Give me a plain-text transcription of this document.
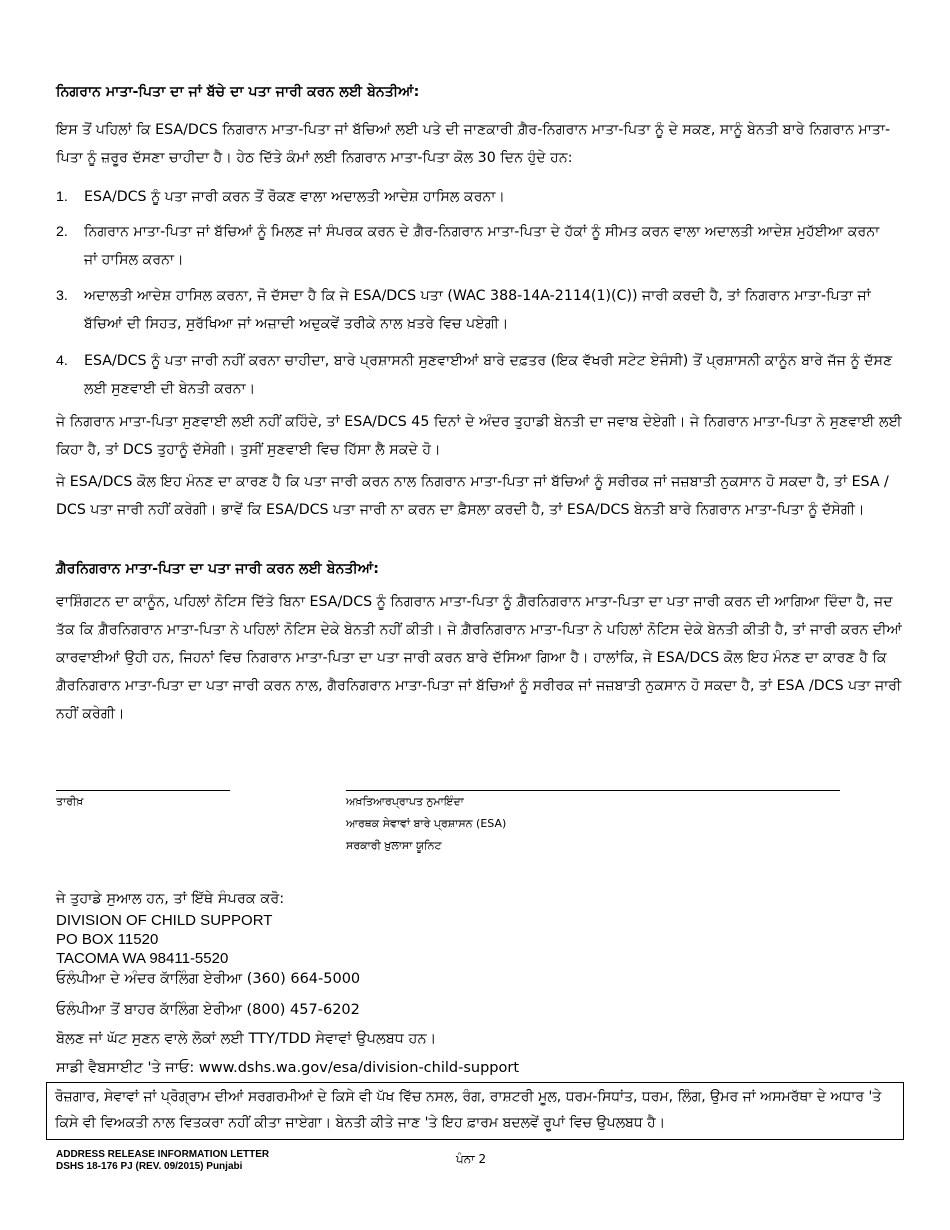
ਨਿਗਰਾਨ ਮਾਤਾ-ਪਿਤਾ ਦਾ ਜਾਂ ਬੱਚੇ ਦਾ ਪਤਾ ਜਾਰੀ ਕਰਨ ਲਈ ਬੇਨਤੀਆਂ:
ਇਸ ਤੋਂ ਪਹਿਲਾਂ ਕਿ ESA/DCS ਨਿਗਰਾਨ ਮਾਤਾ-ਪਿਤਾ ਜਾਂ ਬੱਚਿਆਂ ਲਈ ਪਤੇ ਦੀ ਜਾਣਕਾਰੀ ਗ਼ੈਰ-ਨਿਗਰਾਨ ਮਾਤਾ-ਪਿਤਾ ਨੂੰ ਦੇ ਸਕਣ, ਸਾਨੂੰ ਬੇਨਤੀ ਬਾਰੇ ਨਿਗਰਾਨ ਮਾਤਾ-ਪਿਤਾ ਨੂੰ ਜ਼ਰੂਰ ਦੱਸਣਾ ਚਾਹੀਦਾ ਹੈ। ਹੇਠ ਦਿੱਤੇ ਕੰਮਾਂ ਲਈ ਨਿਗਰਾਨ ਮਾਤਾ-ਪਿਤਾ ਕੋਲ 30 ਦਿਨ ਹੁੰਦੇ ਹਨ:
1. ESA/DCS ਨੂੰ ਪਤਾ ਜਾਰੀ ਕਰਨ ਤੋਂ ਰੋਕਣ ਵਾਲਾ ਅਦਾਲਤੀ ਆਦੇਸ਼ ਹਾਸਿਲ ਕਰਨਾ।
2. ਨਿਗਰਾਨ ਮਾਤਾ-ਪਿਤਾ ਜਾਂ ਬੱਚਿਆਂ ਨੂੰ ਮਿਲਣ ਜਾਂ ਸੰਪਰਕ ਕਰਨ ਦੇ ਗ਼ੈਰ-ਨਿਗਰਾਨ ਮਾਤਾ-ਪਿਤਾ ਦੇ ਹੱਕਾਂ ਨੂੰ ਸੀਮਤ ਕਰਨ ਵਾਲਾ ਅਦਾਲਤੀ ਆਦੇਸ਼ ਮੁਹੱਈਆ ਕਰਨਾ ਜਾਂ ਹਾਸਿਲ ਕਰਨਾ।
3. ਅਦਾਲਤੀ ਆਦੇਸ਼ ਹਾਸਿਲ ਕਰਨਾ, ਜੋ ਦੱਸਦਾ ਹੈ ਕਿ ਜੇ ESA/DCS ਪਤਾ (WAC 388-14A-2114(1)(C)) ਜਾਰੀ ਕਰਦੀ ਹੈ, ਤਾਂ ਨਿਗਰਾਨ ਮਾਤਾ-ਪਿਤਾ ਜਾਂ ਬੱਚਿਆਂ ਦੀ ਸਿਹਤ, ਸੁਰੱਖਿਆ ਜਾਂ ਅਜ਼ਾਦੀ ਅਦੁਕਵੇਂ ਤਰੀਕੇ ਨਾਲ ਖ਼ਤਰੇ ਵਿਚ ਪਏਗੀ।
4. ESA/DCS ਨੂੰ ਪਤਾ ਜਾਰੀ ਨਹੀਂ ਕਰਨਾ ਚਾਹੀਦਾ, ਬਾਰੇ ਪ੍ਰਸ਼ਾਸਨੀ ਸੁਣਵਾਈਆਂ ਬਾਰੇ ਦਫ਼ਤਰ (ਇਕ ਵੱਖਰੀ ਸਟੇਟ ਏਜੰਸੀ) ਤੋਂ ਪ੍ਰਸ਼ਾਸਨੀ ਕਾਨੂੰਨ ਬਾਰੇ ਜੱਜ ਨੂੰ ਦੱਸਣ ਲਈ ਸੁਣਵਾਈ ਦੀ ਬੇਨਤੀ ਕਰਨਾ।
ਜੇ ਨਿਗਰਾਨ ਮਾਤਾ-ਪਿਤਾ ਸੁਣਵਾਈ ਲਈ ਨਹੀਂ ਕਹਿੰਦੇ, ਤਾਂ ESA/DCS 45 ਦਿਨਾਂ ਦੇ ਅੰਦਰ ਤੁਹਾਡੀ ਬੇਨਤੀ ਦਾ ਜਵਾਬ ਦੇਏਗੀ। ਜੇ ਨਿਗਰਾਨ ਮਾਤਾ-ਪਿਤਾ ਨੇ ਸੁਣਵਾਈ ਲਈ ਕਿਹਾ ਹੈ, ਤਾਂ DCS ਤੁਹਾਨੂੰ ਦੱਸੇਗੀ। ਤੁਸੀਂ ਸੁਣਵਾਈ ਵਿਚ ਹਿੱਸਾ ਲੈ ਸਕਦੇ ਹੋ।
ਜੇ ESA/DCS ਕੋਲ ਇਹ ਮੰਨਣ ਦਾ ਕਾਰਣ ਹੈ ਕਿ ਪਤਾ ਜਾਰੀ ਕਰਨ ਨਾਲ ਨਿਗਰਾਨ ਮਾਤਾ-ਪਿਤਾ ਜਾਂ ਬੱਚਿਆਂ ਨੂੰ ਸਰੀਰਕ ਜਾਂ ਜਜ਼ਬਾਤੀ ਨੁਕਸਾਨ ਹੋ ਸਕਦਾ ਹੈ, ਤਾਂ ESA / DCS ਪਤਾ ਜਾਰੀ ਨਹੀਂ ਕਰੇਗੀ। ਭਾਵੇਂ ਕਿ ESA/DCS ਪਤਾ ਜਾਰੀ ਨਾ ਕਰਨ ਦਾ ਫ਼ੈਸਲਾ ਕਰਦੀ ਹੈ, ਤਾਂ ESA/DCS ਬੇਨਤੀ ਬਾਰੇ ਨਿਗਰਾਨ ਮਾਤਾ-ਪਿਤਾ ਨੂੰ ਦੱਸੇਗੀ।
ਗ਼ੈਰਨਿਗਰਾਨ ਮਾਤਾ-ਪਿਤਾ ਦਾ ਪਤਾ ਜਾਰੀ ਕਰਨ ਲਈ ਬੇਨਤੀਆਂ:
ਵਾਸ਼ਿੰਗਟਨ ਦਾ ਕਾਨੂੰਨ, ਪਹਿਲਾਂ ਨੋਟਿਸ ਦਿੱਤੇ ਬਿਨਾ ESA/DCS ਨੂੰ ਨਿਗਰਾਨ ਮਾਤਾ-ਪਿਤਾ ਨੂੰ ਗ਼ੈਰਨਿਗਰਾਨ ਮਾਤਾ-ਪਿਤਾ ਦਾ ਪਤਾ ਜਾਰੀ ਕਰਨ ਦੀ ਆਗਿਆ ਦਿੰਦਾ ਹੈ, ਜਦ ਤੱਕ ਕਿ ਗ਼ੈਰਨਿਗਰਾਨ ਮਾਤਾ-ਪਿਤਾ ਨੇ ਪਹਿਲਾਂ ਨੋਟਿਸ ਦੇਕੇ ਬੇਨਤੀ ਨਹੀਂ ਕੀਤੀ। ਜੇ ਗ਼ੈਰਨਿਗਰਾਨ ਮਾਤਾ-ਪਿਤਾ ਨੇ ਪਹਿਲਾਂ ਨੋਟਿਸ ਦੇਕੇ ਬੇਨਤੀ ਕੀਤੀ ਹੈ, ਤਾਂ ਜਾਰੀ ਕਰਨ ਦੀਆਂ ਕਾਰਵਾਈਆਂ ਉਹੀ ਹਨ, ਜਿਹਨਾਂ ਵਿਚ ਨਿਗਰਾਨ ਮਾਤਾ-ਪਿਤਾ ਦਾ ਪਤਾ ਜਾਰੀ ਕਰਨ ਬਾਰੇ ਦੱਸਿਆ ਗਿਆ ਹੈ। ਹਾਲਾਂਕਿ, ਜੇ ESA/DCS ਕੋਲ ਇਹ ਮੰਨਣ ਦਾ ਕਾਰਣ ਹੈ ਕਿ ਗ਼ੈਰਨਿਗਰਾਨ ਮਾਤਾ-ਪਿਤਾ ਦਾ ਪਤਾ ਜਾਰੀ ਕਰਨ ਨਾਲ, ਗੈਰਨਿਗਰਾਨ ਮਾਤਾ-ਪਿਤਾ ਜਾਂ ਬੱਚਿਆਂ ਨੂੰ ਸਰੀਰਕ ਜਾਂ ਜਜ਼ਬਾਤੀ ਨੁਕਸਾਨ ਹੋ ਸਕਦਾ ਹੈ, ਤਾਂ ESA /DCS ਪਤਾ ਜਾਰੀ ਨਹੀਂ ਕਰੇਗੀ।
ਤਾਰੀਖ਼	ਅਖ਼ਤਿਆਰਪ੍ਰਾਪਤ ਨੁਮਾਇੰਦਾ
ਆਰਥਕ ਸੇਵਾਵਾਂ ਬਾਰੇ ਪ੍ਰਸ਼ਾਸਨ (ESA)
ਸਰਕਾਰੀ ਖ਼ੁਲਾਸਾ ਯੂਨਿਟ
ਜੇ ਤੁਹਾਡੇ ਸੁਆਲ ਹਨ, ਤਾਂ ਇੱਥੇ ਸੰਪਰਕ ਕਰੋ:
DIVISION OF CHILD SUPPORT
PO BOX 11520
TACOMA WA 98411-5520
ਓਲੰਪੀਆ ਦੇ ਅੰਦਰ ਕਾੱਲਿੰਗ ਏਰੀਆ (360) 664-5000
ਓਲੰਪੀਆ ਤੋਂ ਬਾਹਰ ਕਾੱਲਿੰਗ ਏਰੀਆ (800) 457-6202
ਬੋਲਣ ਜਾਂ ਘੱਟ ਸੁਣਨ ਵਾਲੇ ਲੋਕਾਂ ਲਈ TTY/TDD ਸੇਵਾਵਾਂ ਉਪਲਬਧ ਹਨ।
ਸਾਡੀ ਵੈਬਸਾਈਟ 'ਤੇ ਜਾਓ: www.dshs.wa.gov/esa/division-child-support
ਰੋਜ਼ਗਾਰ, ਸੇਵਾਵਾਂ ਜਾਂ ਪ੍ਰੋਗ੍ਰਾਮ ਦੀਆਂ ਸਰਗਰਮੀਆਂ ਦੇ ਕਿਸੇ ਵੀ ਪੱਖ ਵਿੱਚ ਨਸਲ, ਰੰਗ, ਰਾਸ਼ਟਰੀ ਮੂਲ, ਧਰਮ-ਸਿਧਾਂਤ, ਧਰਮ, ਲਿੰਗ, ਉਮਰ ਜਾਂ ਅਸਮਰੱਥਾ ਦੇ ਅਧਾਰ 'ਤੇ ਕਿਸੇ ਵੀ ਵਿਅਕਤੀ ਨਾਲ ਵਿਤਕਰਾ ਨਹੀਂ ਕੀਤਾ ਜਾਏਗਾ। ਬੇਨਤੀ ਕੀਤੇ ਜਾਣ 'ਤੇ ਇਹ ਫ਼ਾਰਮ ਬਦਲਵੇਂ ਰੂਪਾਂ ਵਿਚ ਉਪਲਬਧ ਹੈ।
ADDRESS RELEASE INFORMATION LETTER
DSHS 18-176 PJ (REV. 09/2015) Punjabi
ਪੰਨਾ 2
